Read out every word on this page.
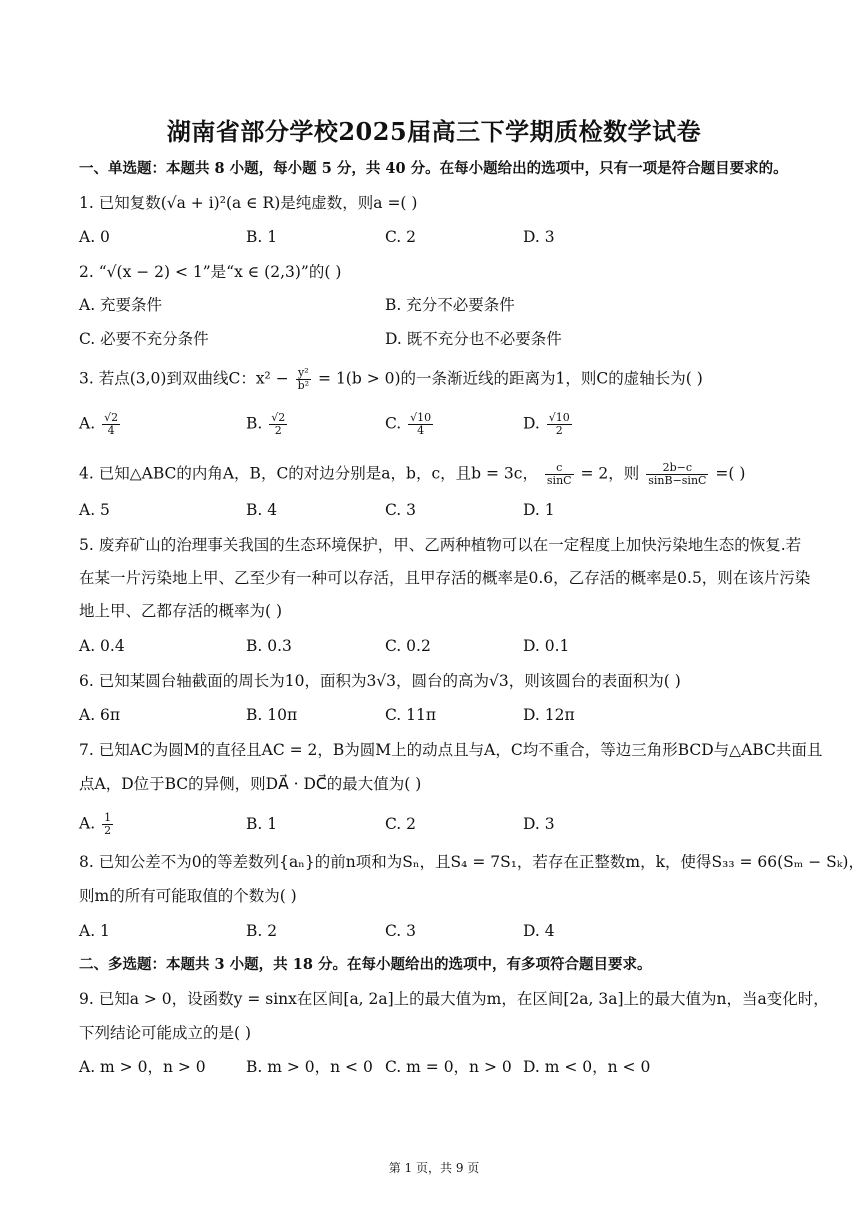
湖南省部分学校2025届高三下学期质检数学试卷
一、单选题：本题共 8 小题，每小题 5 分，共 40 分。在每小题给出的选项中，只有一项是符合题目要求的。
1. 已知复数(√a + i)²(a ∈ R)是纯虚数，则a =( )
A. 0	B. 1	C. 2	D. 3
2. “√(x − 2) < 1”是“x ∈ (2,3)”的( )
A. 充要条件	B. 充分不必要条件
C. 必要不充分条件	D. 既不充分也不必要条件
3. 若点(3,0)到双曲线C：$x^2 - \frac{\text{y²}}{\text{b²}} = 1(b > 0)$的一条渐近线的距离为1，则C的虚轴长为( )
A. $\frac{√2}{4}$	B. $\frac{√2}{2}$	C. $\frac{√10}{4}$	D. $\frac{√10}{2}$
4. 已知△ABC的内角A，B，C的对边分别是a，b，c，且b = 3c， $\frac{c}{\sin C} = 2$，则 $\frac{2b-c}{\sin B-\sin C}$ =( )
A. 5	B. 4	C. 3	D. 1
5. 废弃矿山的治理事关我国的生态环境保护，甲、乙两种植物可以在一定程度上加快污染地生态的恢复.若
在某一片污染地上甲、乙至少有一种可以存活，且甲存活的概率是0.6，乙存活的概率是0.5，则在该片污染
地上甲、乙都存活的概率为( )
A. 0.4	B. 0.3	C. 0.2	D. 0.1
6. 已知某圆台轴截面的周长为10，面积为3√3，圆台的高为√3，则该圆台的表面积为( )
A. 6π	B. 10π	C. 11π	D. 12π
7. 已知AC为圆M的直径且AC = 2，B为圆M上的动点且与A，C均不重合，等边三角形BCD与△ABC共面且
点A，D位于BC的异侧，则DA⃗ · DC⃗的最大值为( )
A. $\frac{1}{2}$	B. 1	C. 2	D. 3
8. 已知公差不为0的等差数列{aₙ}的前n项和为Sₙ，且S₄ = 7S₁，若存在正整数m，k，使得S₃₃ = 66(Sₘ − Sₖ)，
则m的所有可能取值的个数为( )
A. 1	B. 2	C. 3	D. 4
二、多选题：本题共 3 小题，共 18 分。在每小题给出的选项中，有多项符合题目要求。
9. 已知a > 0，设函数y = sinx在区间[a, 2a]上的最大值为m，在区间[2a, 3a]上的最大值为n，当a变化时，
下列结论可能成立的是( )
A. m > 0，n > 0	B. m > 0，n < 0 C. m = 0，n > 0 D. m < 0，n < 0
第 1 页，共 9 页
